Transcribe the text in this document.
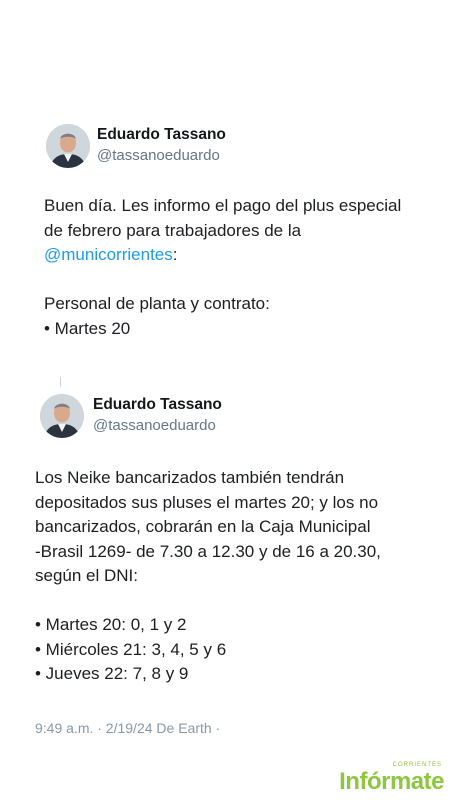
Eduardo Tassano
@tassanoeduardo

Buen día. Les informo el pago del plus especial

de febrero para trabajadores de la

@municorrientes:

Personal de planta y contrato:

• Martes 20

Eduardo Tassano
@tassanoeduardo

Los Neike bancarizados también tendrán

depositados sus pluses el martes 20; y los no

bancarizados, cobrarán en la Caja Municipal

-Brasil 1269- de 7.30 a 12.30 y de 16 a 20.30,

según el DNI:

• Martes 20: 0, 1 y 2

• Miércoles 21: 3, 4, 5 y 6

• Jueves 22: 7, 8 y 9

9:49 a.m. · 2/19/24 De Earth ·
CORRIENTES
Infórmate
